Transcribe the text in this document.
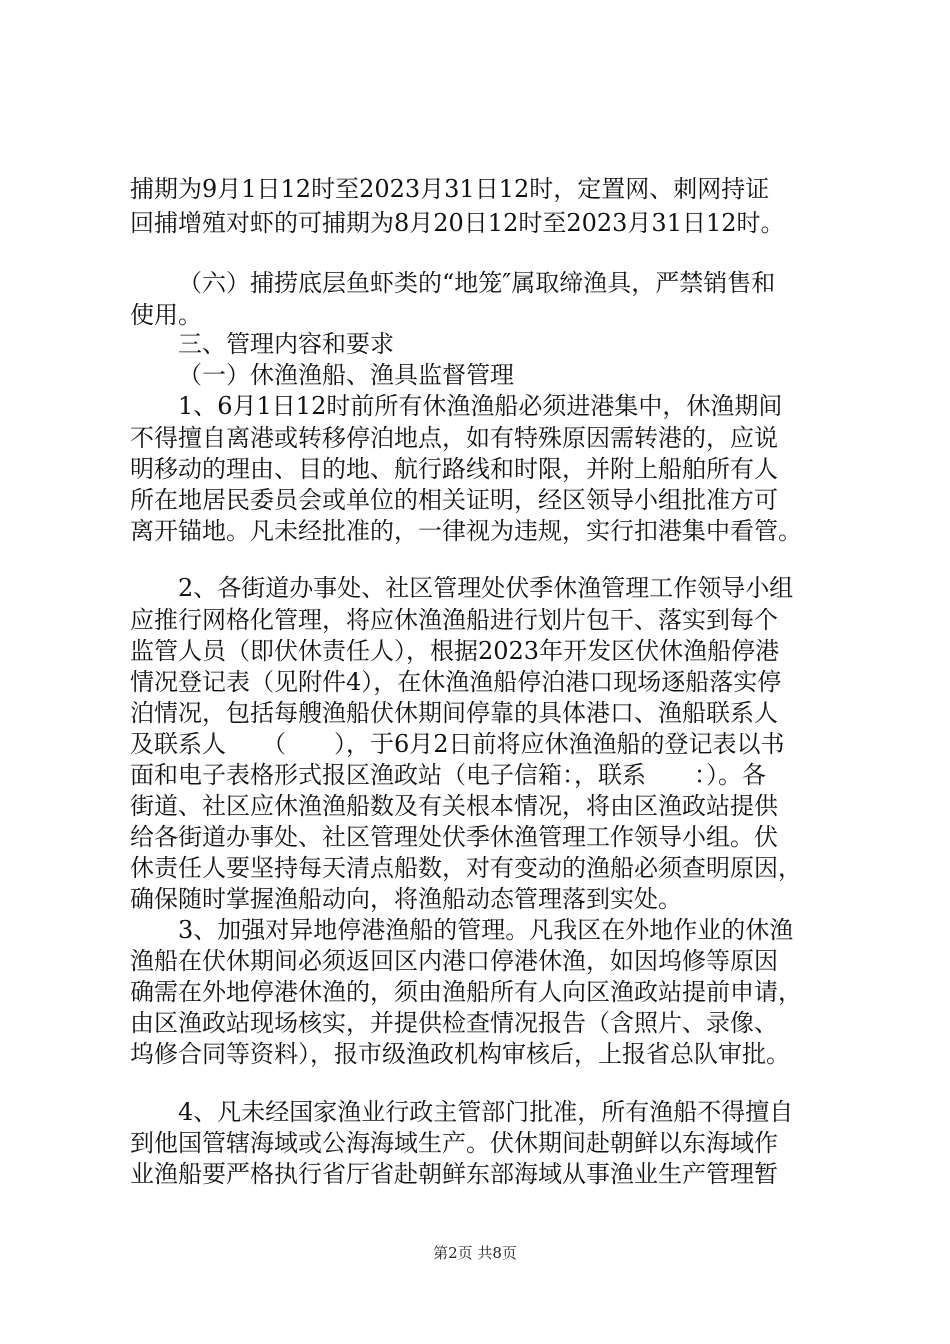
捕期为9月1日12时至2023月31日12时，定置网、刺网持证
回捕增殖对虾的可捕期为8月20日12时至2023月31日12时。
（六）捕捞底层鱼虾类的“地笼″属取缔渔具，严禁销售和
使用。
三、管理内容和要求
（一）休渔渔船、渔具监督管理
1、6月1日12时前所有休渔渔船必须进港集中，休渔期间
不得擅自离港或转移停泊地点，如有特殊原因需转港的，应说
明移动的理由、目的地、航行路线和时限，并附上船舶所有人
所在地居民委员会或单位的相关证明，经区领导小组批准方可
离开锚地。凡未经批准的，一律视为违规，实行扣港集中看管。
2、各街道办事处、社区管理处伏季休渔管理工作领导小组
应推行网格化管理，将应休渔渔船进行划片包干、落实到每个
监管人员（即伏休责任人），根据2023年开发区伏休渔船停港
情况登记表（见附件4），在休渔渔船停泊港口现场逐船落实停
泊情况，包括每艘渔船伏休期间停靠的具体港口、渔船联系人
及联系人　　（　　），于6月2日前将应休渔渔船的登记表以书
面和电子表格形式报区渔政站（电子信箱：，联系　　：）。各
街道、社区应休渔渔船数及有关根本情况，将由区渔政站提供
给各街道办事处、社区管理处伏季休渔管理工作领导小组。伏
休责任人要坚持每天清点船数，对有变动的渔船必须查明原因，
确保随时掌握渔船动向，将渔船动态管理落到实处。
3、加强对异地停港渔船的管理。凡我区在外地作业的休渔
渔船在伏休期间必须返回区内港口停港休渔，如因坞修等原因
确需在外地停港休渔的，须由渔船所有人向区渔政站提前申请，
由区渔政站现场核实，并提供检查情况报告（含照片、录像、
坞修合同等资料），报市级渔政机构审核后，上报省总队审批。
4、凡未经国家渔业行政主管部门批准，所有渔船不得擅自
到他国管辖海域或公海海域生产。伏休期间赴朝鲜以东海域作
业渔船要严格执行省厅省赴朝鲜东部海域从事渔业生产管理暂
第2页 共8页
